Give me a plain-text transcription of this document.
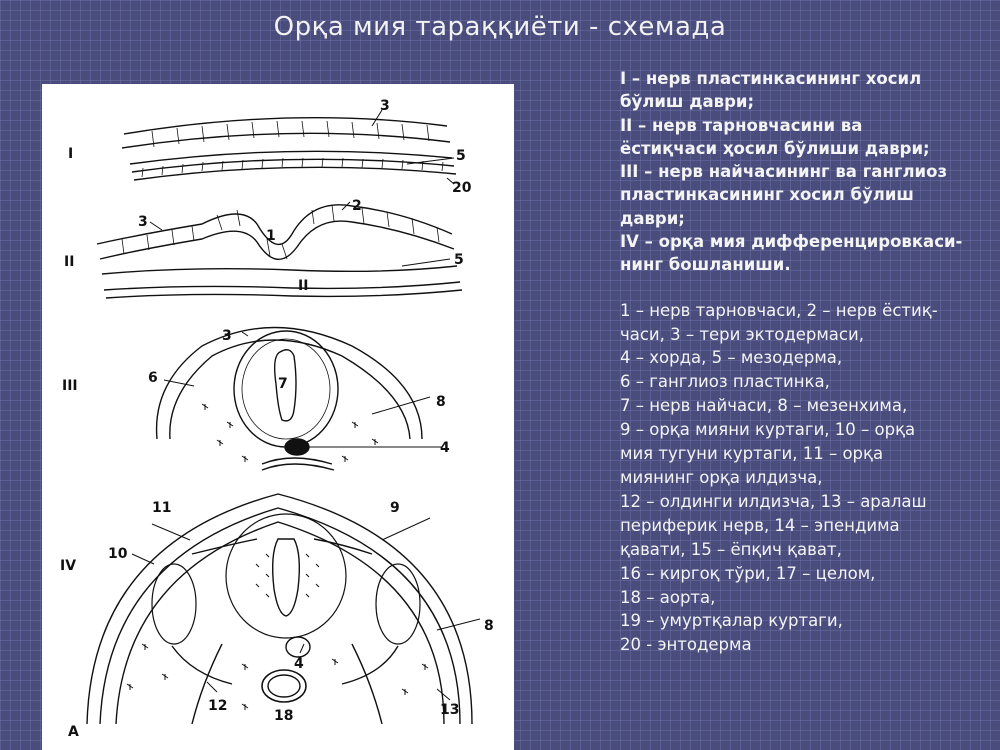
Орқа мия тараққиёти - схемада
I
II
III
IV
A
3
5
20
3
2
1
II
5
3
6	7
8
4
11	9
10
8
4
12
18	13
I – нерв пластинкасининг хосил
бўлиш даври;
II – нерв тарновчасини ва
ёстиқчаси ҳосил бўлиши даври;
III – нерв найчасининг ва ганглиоз
пластинкасининг хосил бўлиш
даври;
IV – орқа мия дифференцировкаси-
нинг бошланиши.
1 – нерв тарновчаси, 2 – нерв ёстиқ-
часи, 3 – тери эктодермаси,
4 – хорда, 5 – мезодерма,
6 – ганглиоз пластинка,
7 – нерв найчаси, 8 – мезенхима,
9 – орқа мияни куртаги, 10 – орқа
мия тугуни куртаги, 11 – орқа
миянинг орқа илдизча,
12 – олдинги илдизча, 13 – аралаш
периферик нерв, 14 – эпендима
қавати, 15 – ёпқич қават,
16 – киргоқ тўри, 17 – целом,
18 – аорта,
19 – умуртқалар куртаги,
20 - энтодерма
